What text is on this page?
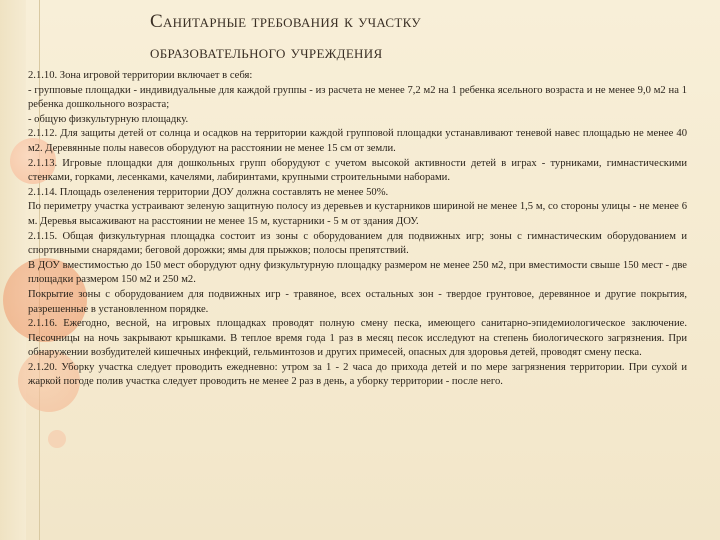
Санитарные требования к участку
образовательного учреждения

2.1.10. Зона игровой территории включает в себя:

- групповые площадки - индивидуальные для каждой группы - из расчета не менее 7,2 м2 на 1 ребенка ясельного возраста и не менее 9,0 м2 на 1 ребенка дошкольного возраста;

- общую физкультурную площадку.

2.1.12. Для защиты детей от солнца и осадков на территории каждой групповой площадки устанавливают теневой навес площадью не менее 40 м2. Деревянные полы навесов оборудуют на расстоянии не менее 15 см от земли.

2.1.13. Игровые площадки для дошкольных групп оборудуют с учетом высокой активности детей в играх - турниками, гимнастическими стенками, горками, лесенками, качелями, лабиринтами, крупными строительными наборами.

2.1.14. Площадь озеленения территории ДОУ должна составлять не менее 50%.

По периметру участка устраивают зеленую защитную полосу из деревьев и кустарников шириной не менее 1,5 м, со стороны улицы - не менее 6 м. Деревья высаживают на расстоянии не менее 15 м, кустарники - 5 м от здания ДОУ.

2.1.15. Общая физкультурная площадка состоит из зоны с оборудованием для подвижных игр; зоны с гимнастическим оборудованием и спортивными снарядами; беговой дорожки; ямы для прыжков; полосы препятствий.

В ДОУ вместимостью до 150 мест оборудуют одну физкультурную площадку размером не менее 250 м2, при вместимости свыше 150 мест - две площадки размером 150 м2 и 250 м2.

Покрытие зоны с оборудованием для подвижных игр - травяное, всех остальных зон - твердое грунтовое, деревянное и другие покрытия, разрешенные в установленном порядке.

2.1.16. Ежегодно, весной, на игровых площадках проводят полную смену песка, имеющего санитарно-эпидемиологическое заключение. Песочницы на ночь закрывают крышками. В теплое время года 1 раз в месяц песок исследуют на степень биологического загрязнения. При обнаружении возбудителей кишечных инфекций, гельминтозов и других примесей, опасных для здоровья детей, проводят смену песка.

2.1.20. Уборку участка следует проводить ежедневно: утром за 1 - 2 часа до прихода детей и по мере загрязнения территории. При сухой и жаркой погоде полив участка следует проводить не менее 2 раз в день, а уборку территории - после него.
